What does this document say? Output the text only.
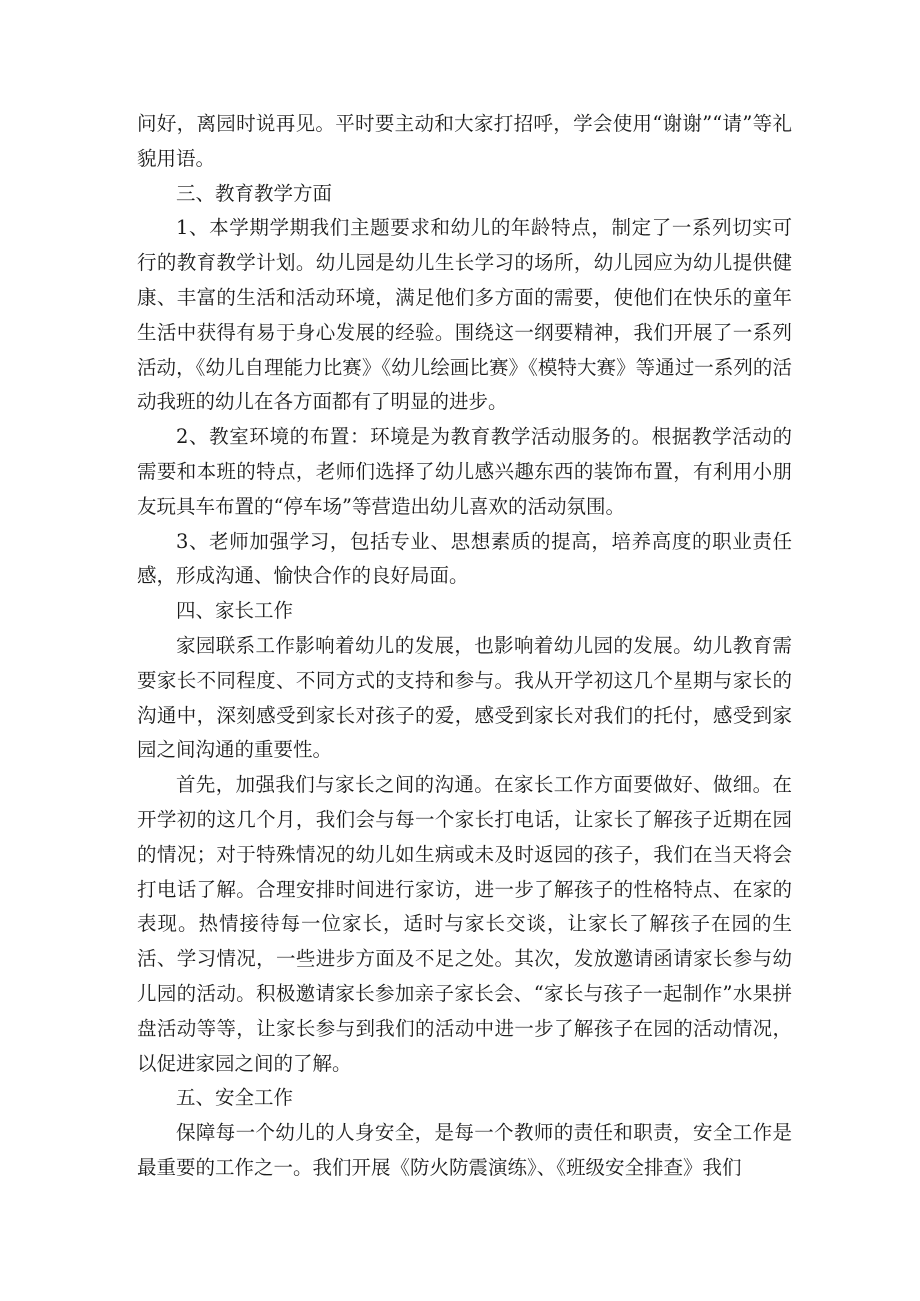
问好，离园时说再见。平时要主动和大家打招呼，学会使用“谢谢”“请”等礼貌用语。

三、教育教学方面

1、本学期学期我们主题要求和幼儿的年龄特点，制定了一系列切实可行的教育教学计划。幼儿园是幼儿生长学习的场所，幼儿园应为幼儿提供健康、丰富的生活和活动环境，满足他们多方面的需要，使他们在快乐的童年生活中获得有易于身心发展的经验。围绕这一纲要精神，我们开展了一系列活动，《幼儿自理能力比赛》《幼儿绘画比赛》《模特大赛》等通过一系列的活动我班的幼儿在各方面都有了明显的进步。

2、教室环境的布置：环境是为教育教学活动服务的。根据教学活动的需要和本班的特点，老师们选择了幼儿感兴趣东西的装饰布置，有利用小朋友玩具车布置的“停车场”等营造出幼儿喜欢的活动氛围。

3、老师加强学习，包括专业、思想素质的提高，培养高度的职业责任感，形成沟通、愉快合作的良好局面。

四、家长工作

家园联系工作影响着幼儿的发展，也影响着幼儿园的发展。幼儿教育需要家长不同程度、不同方式的支持和参与。我从开学初这几个星期与家长的沟通中，深刻感受到家长对孩子的爱，感受到家长对我们的托付，感受到家园之间沟通的重要性。

首先，加强我们与家长之间的沟通。在家长工作方面要做好、做细。在开学初的这几个月，我们会与每一个家长打电话，让家长了解孩子近期在园的情况；对于特殊情况的幼儿如生病或未及时返园的孩子，我们在当天将会打电话了解。合理安排时间进行家访，进一步了解孩子的性格特点、在家的表现。热情接待每一位家长，适时与家长交谈，让家长了解孩子在园的生活、学习情况，一些进步方面及不足之处。其次，发放邀请函请家长参与幼儿园的活动。积极邀请家长参加亲子家长会、“家长与孩子一起制作”水果拼盘活动等等，让家长参与到我们的活动中进一步了解孩子在园的活动情况，以促进家园之间的了解。

五、安全工作

保障每一个幼儿的人身安全，是每一个教师的责任和职责，安全工作是最重要的工作之一。我们开展《防火防震演练》、《班级安全排查》我们
